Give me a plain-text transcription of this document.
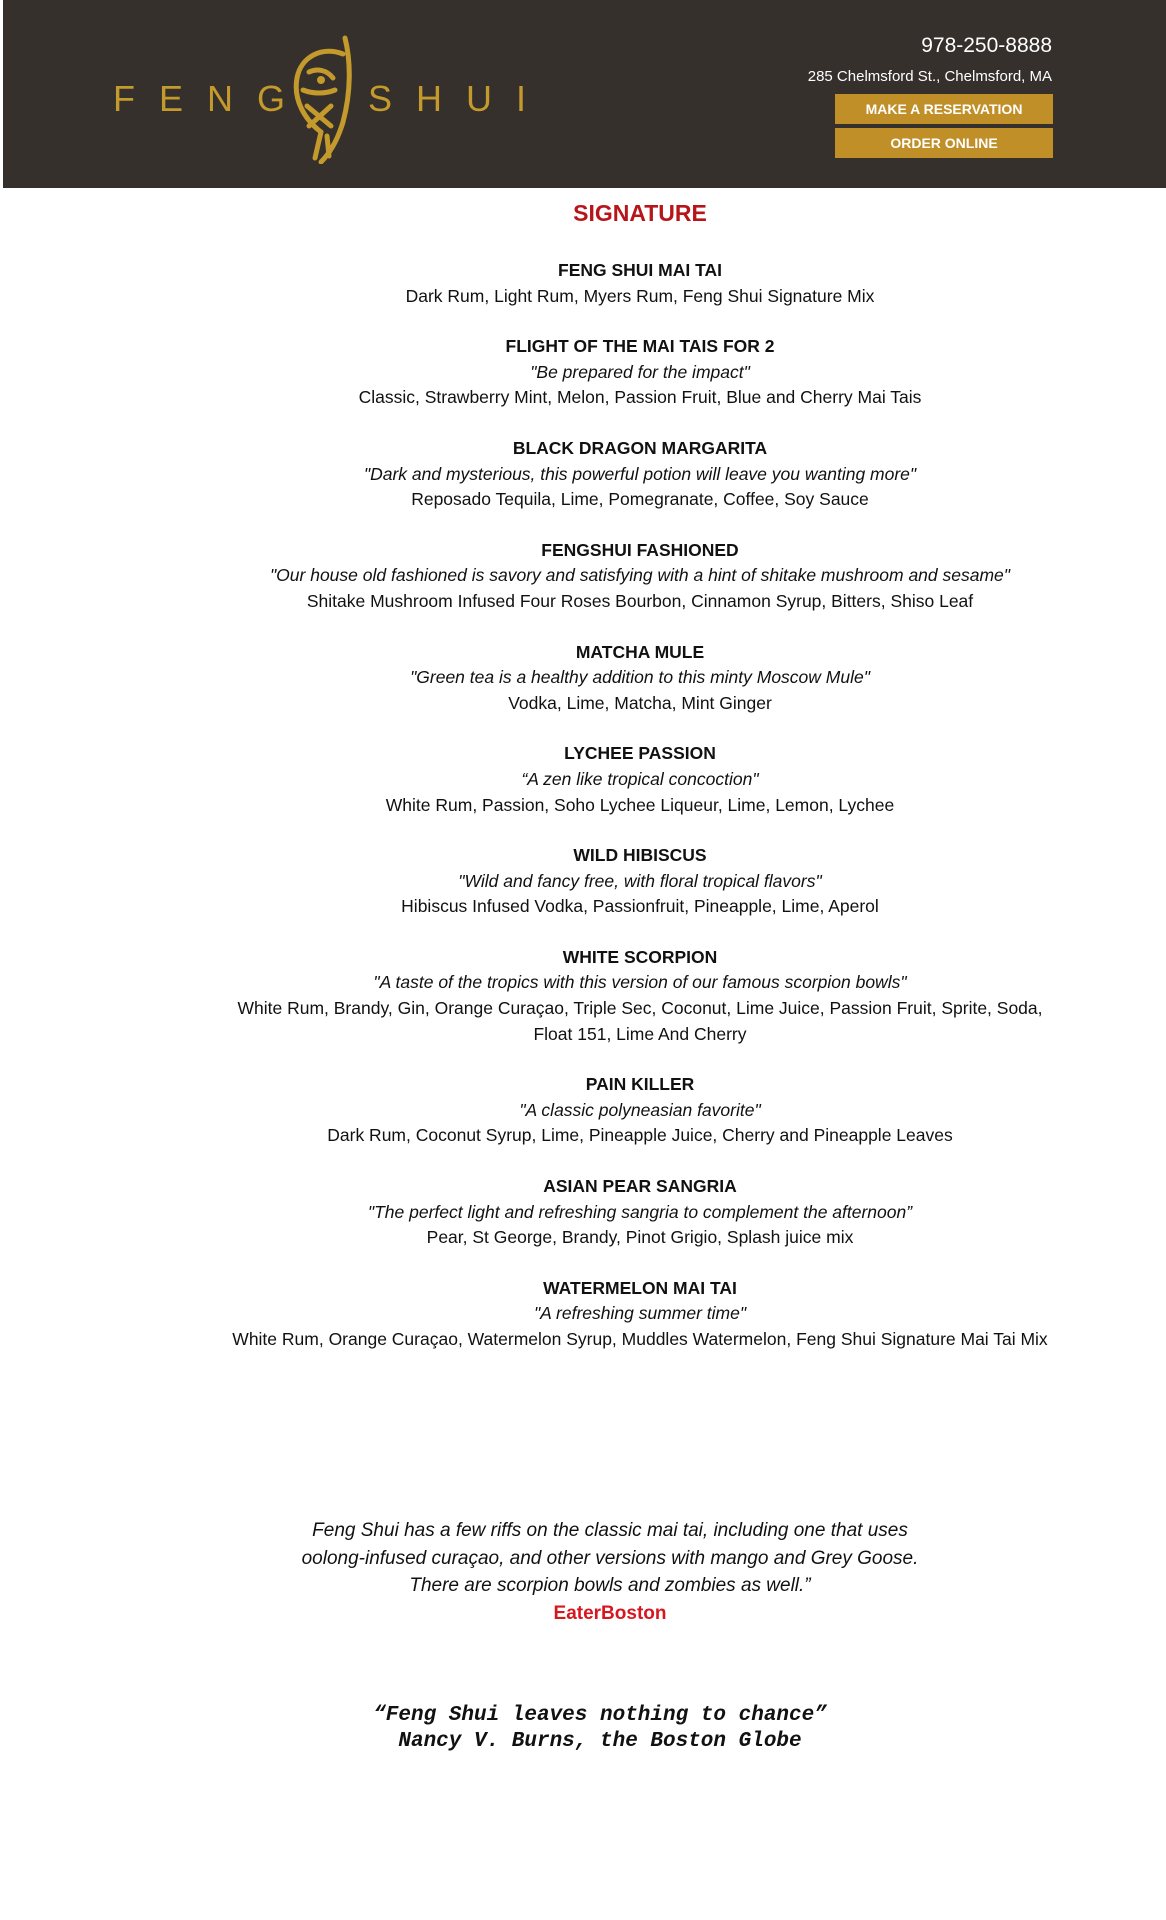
FENG SHUI
978-250-8888
285 Chelmsford St., Chelmsford, MA
MAKE A RESERVATION
ORDER ONLINE
SIGNATURE
FENG SHUI MAI TAI
Dark Rum, Light Rum, Myers Rum, Feng Shui Signature Mix
FLIGHT OF THE MAI TAIS FOR 2
"Be prepared for the impact"
Classic, Strawberry Mint, Melon, Passion Fruit, Blue and Cherry Mai Tais
BLACK DRAGON MARGARITA
"Dark and mysterious, this powerful potion will leave you wanting more"
Reposado Tequila, Lime, Pomegranate, Coffee, Soy Sauce
FENGSHUI FASHIONED
"Our house old fashioned is savory and satisfying with a hint of shitake mushroom and sesame"
Shitake Mushroom Infused Four Roses Bourbon, Cinnamon Syrup, Bitters, Shiso Leaf
MATCHA MULE
"Green tea is a healthy addition to this minty Moscow Mule"
Vodka, Lime, Matcha, Mint Ginger
LYCHEE PASSION
“A zen like tropical concoction"
White Rum, Passion, Soho Lychee Liqueur, Lime, Lemon, Lychee
WILD HIBISCUS
"Wild and fancy free, with floral tropical flavors"
Hibiscus Infused Vodka, Passionfruit, Pineapple, Lime, Aperol
WHITE SCORPION
"A taste of the tropics with this version of our famous scorpion bowls"
White Rum, Brandy, Gin, Orange Curaçao, Triple Sec, Coconut, Lime Juice, Passion Fruit, Sprite, Soda, Float 151, Lime And Cherry
PAIN KILLER
"A classic polyneasian favorite"
Dark Rum, Coconut Syrup, Lime, Pineapple Juice, Cherry and Pineapple Leaves
ASIAN PEAR SANGRIA
"The perfect light and refreshing sangria to complement the afternoon”
Pear, St George, Brandy, Pinot Grigio, Splash juice mix
WATERMELON MAI TAI
"A refreshing summer time"
White Rum, Orange Curaçao, Watermelon Syrup, Muddles Watermelon, Feng Shui Signature Mai Tai Mix
Feng Shui has a few riffs on the classic mai tai, including one that uses
oolong-infused curaçao, and other versions with mango and Grey Goose.
There are scorpion bowls and zombies as well.”
EaterBoston
“Feng Shui leaves nothing to chance”
Nancy V. Burns, the Boston Globe
